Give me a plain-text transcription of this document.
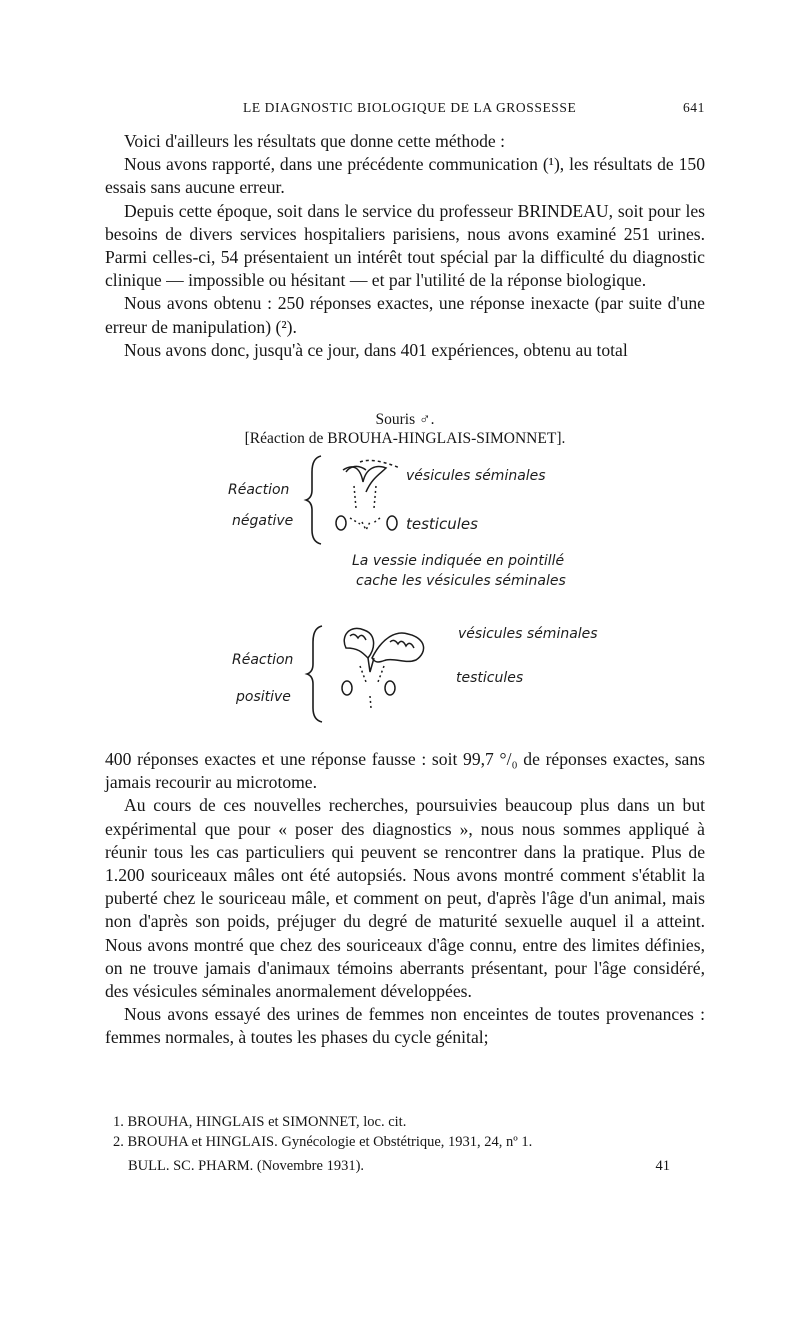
LE DIAGNOSTIC BIOLOGIQUE DE LA GROSSESSE	641

Voici d'ailleurs les résultats que donne cette méthode :

Nous avons rapporté, dans une précédente communication (¹), les résultats de 150 essais sans aucune erreur.

Depuis cette époque, soit dans le service du professeur BRINDEAU, soit pour les besoins de divers services hospitaliers parisiens, nous avons examiné 251 urines. Parmi celles-ci, 54 présentaient un intérêt tout spécial par la difficulté du diagnostic clinique — impossible ou hésitant — et par l'utilité de la réponse biologique.

Nous avons obtenu : 250 réponses exactes, une réponse inexacte (par suite d'une erreur de manipulation) (²).

Nous avons donc, jusqu'à ce jour, dans 401 expériences, obtenu au total

Souris ♂.
[Réaction de BROUHA-HINGLAIS-SIMONNET].
Réaction
négative
vésicules séminales
testicules
La vessie indiquée en pointillé
cache les vésicules séminales
Réaction
positive
vésicules séminales
testicules

400 réponses exactes et une réponse fausse : soit 99,7 °/₀ de réponses exactes, sans jamais recourir au microtome.

Au cours de ces nouvelles recherches, poursuivies beaucoup plus dans un but expérimental que pour « poser des diagnostics », nous nous sommes appliqué à réunir tous les cas particuliers qui peuvent se rencontrer dans la pratique. Plus de 1.200 souriceaux mâles ont été autopsiés. Nous avons montré comment s'établit la puberté chez le souriceau mâle, et comment on peut, d'après l'âge d'un animal, mais non d'après son poids, préjuger du degré de maturité sexuelle auquel il a atteint. Nous avons montré que chez des souriceaux d'âge connu, entre des limites définies, on ne trouve jamais d'animaux témoins aberrants présentant, pour l'âge considéré, des vésicules séminales anormalement développées.

Nous avons essayé des urines de femmes non enceintes de toutes provenances : femmes normales, à toutes les phases du cycle génital;

1. BROUHA, HINGLAIS et SIMONNET, loc. cit.
2. BROUHA et HINGLAIS. Gynécologie et Obstétrique, 1931, 24, nº 1.
BULL. SC. PHARM. (Novembre 1931).	41
